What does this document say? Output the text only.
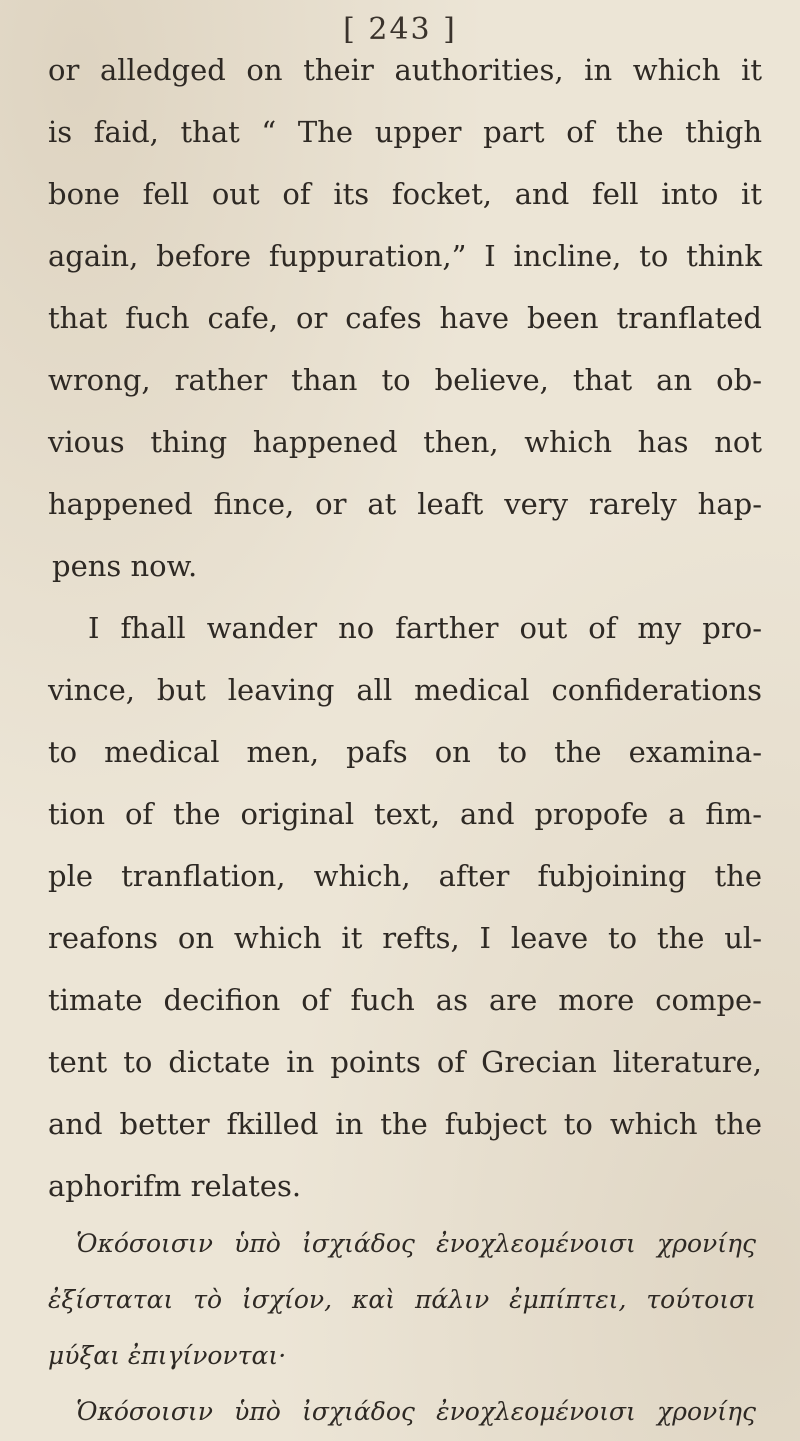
[ 243 ]
or alledged on their authorities, in which it
is faid, that “ The upper part of the thigh
bone fell out of its focket, and fell into it
again, before fuppuration,” I incline, to think
that fuch cafe, or cafes have been tranflated
wrong, rather than to believe, that an ob-
vious thing happened then, which has not
happened fince, or at leaft very rarely hap-
pens now.
I fhall wander no farther out of my pro-
vince, but leaving all medical confiderations
to medical men, pafs on to the examina-
tion of the original text, and propofe a fim-
ple tranflation, which, after fubjoining the
reafons on which it refts, I leave to the ul-
timate decifion of fuch as are more compe-
tent to dictate in points of Grecian literature,
and better fkilled in the fubject to which the
aphorifm relates.
Ὁκόσοισιν ὑπὸ ἰσχιάδος ἐνοχλεομένοισι χρονίης
ἐξίσταται τὸ ἰσχίον, καὶ πάλιν ἐμπίπτει, τούτοισι
μύξαι ἐπιγίνονται·
Ὁκόσοισιν ὑπὸ ἰσχιάδος ἐνοχλεομένοισι χρονίης
